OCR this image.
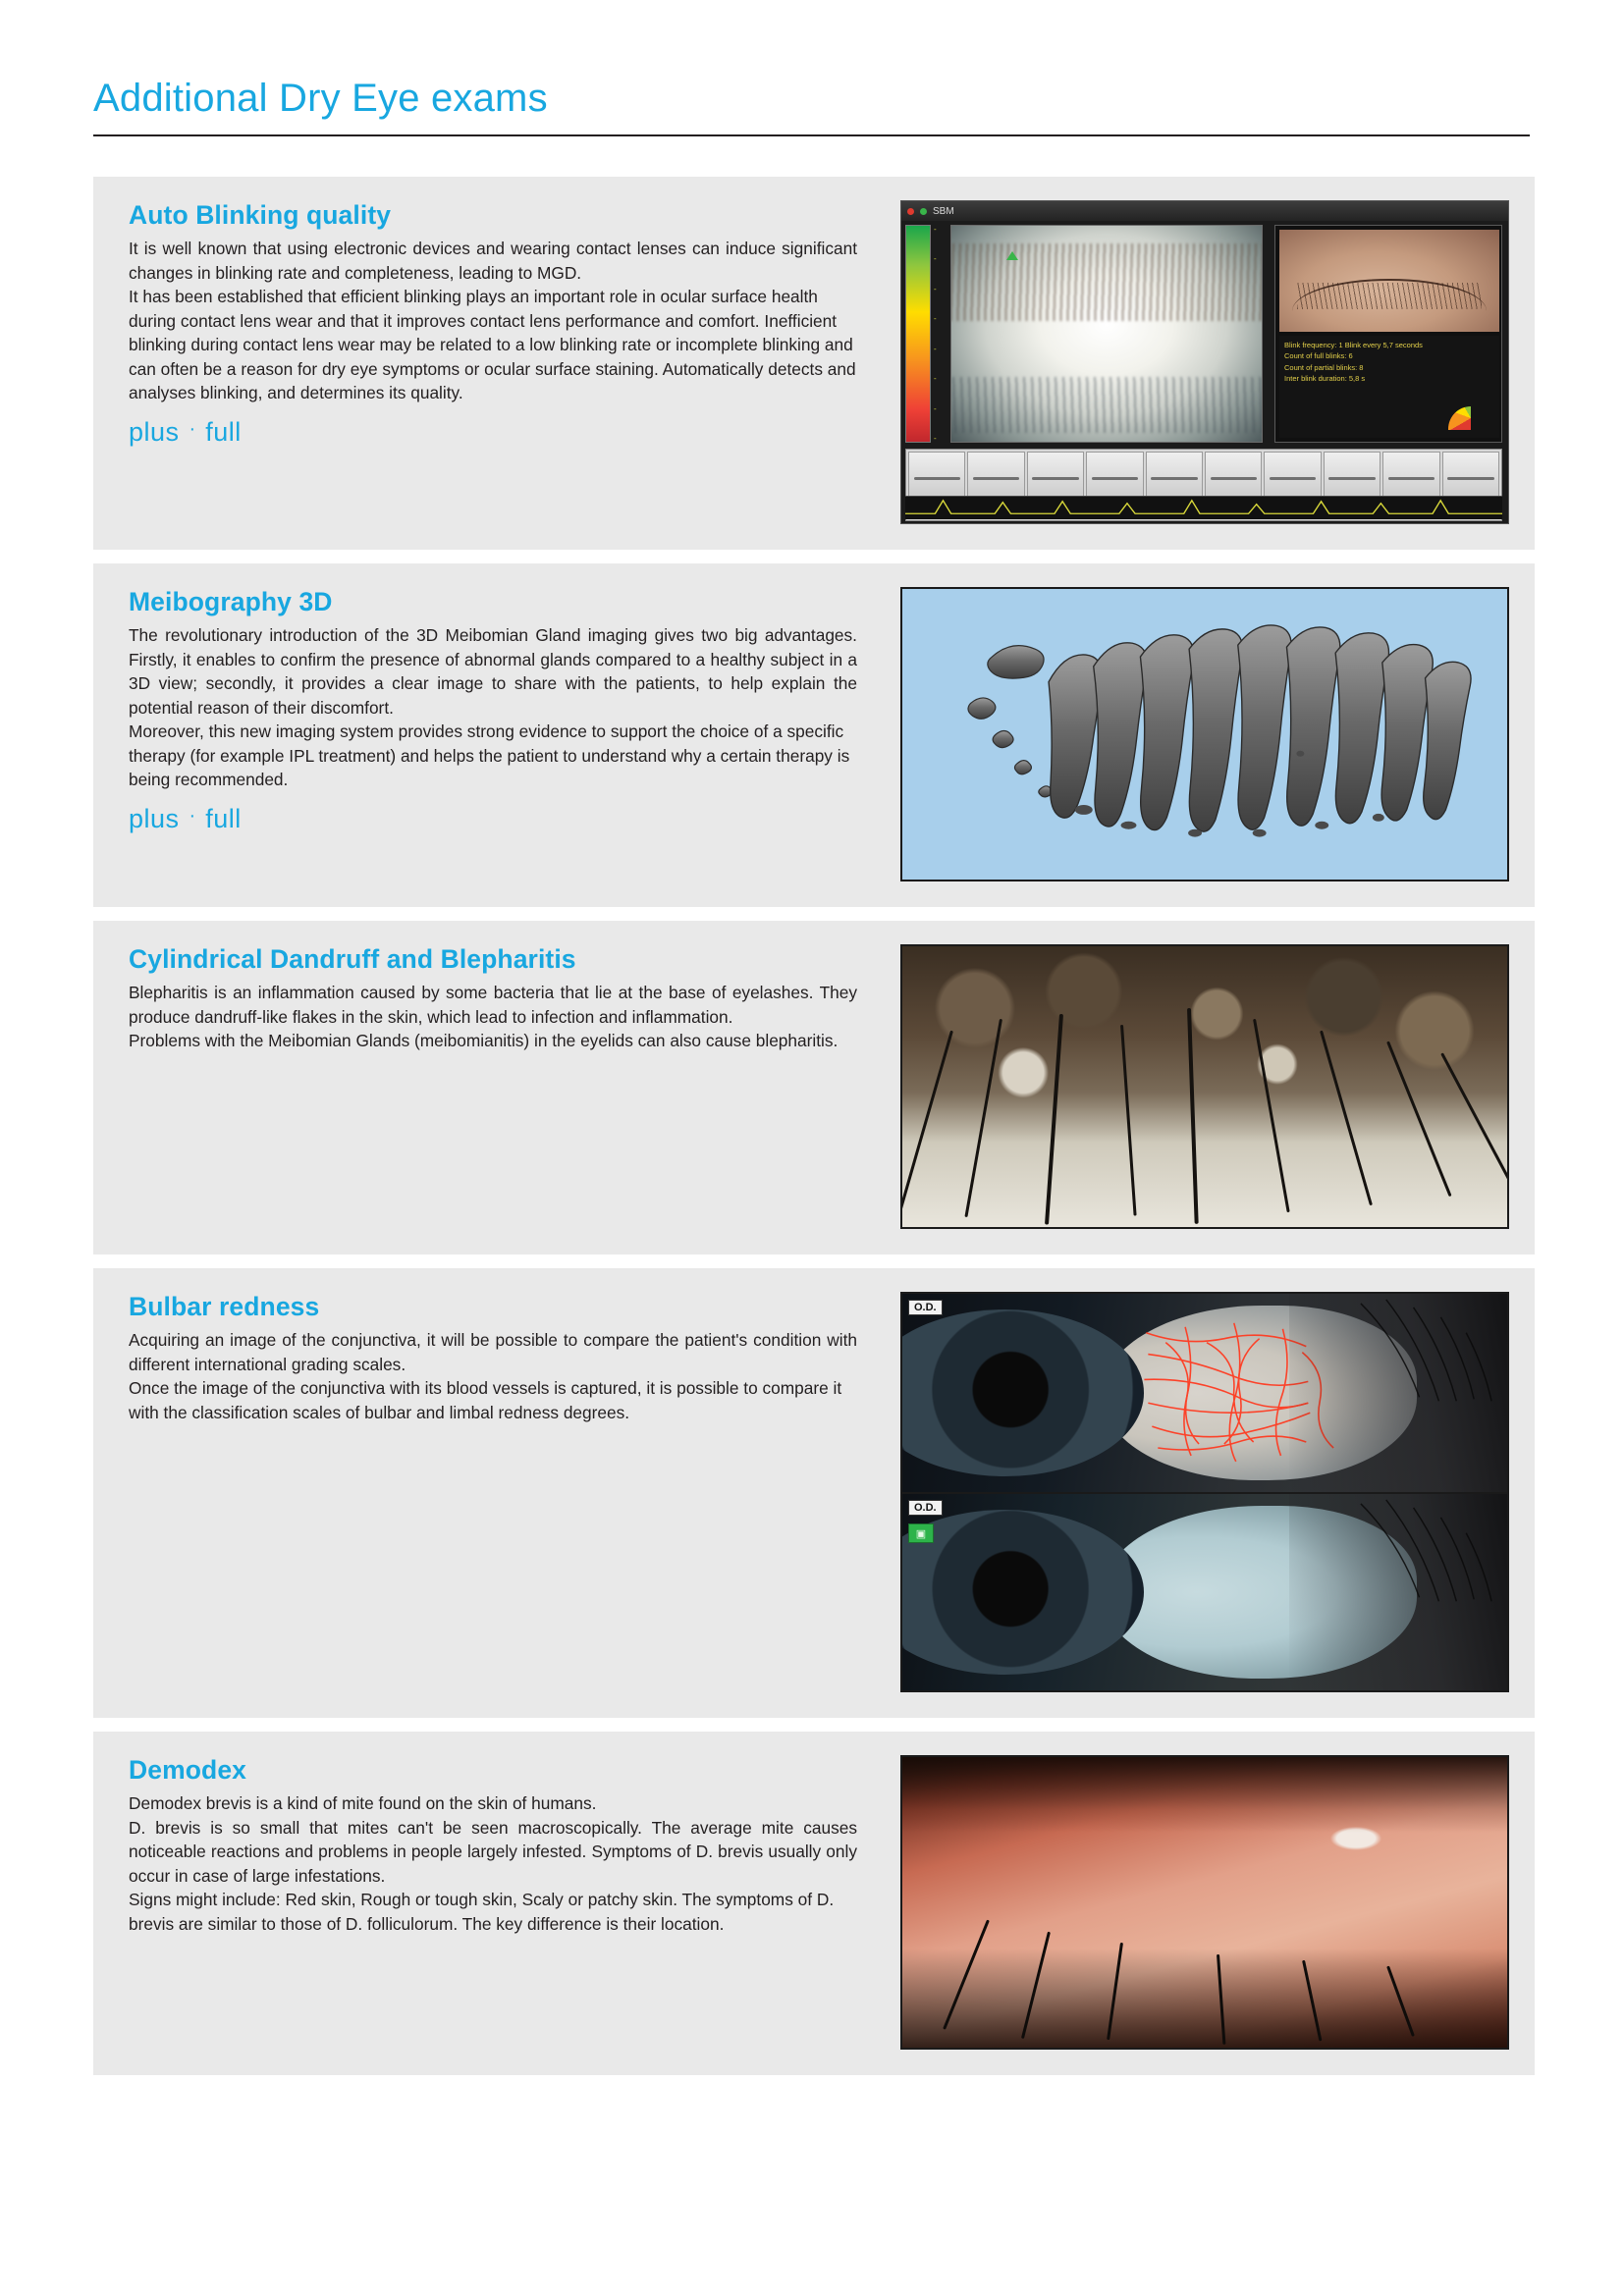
Additional Dry Eye exams
Auto Blinking quality

It is well known that using electronic devices and wearing contact lenses can induce significant changes in blinking rate and completeness, leading to MGD.

It has been established that efficient blinking plays an important role in ocular surface health during contact lens wear and that it improves contact lens performance and comfort. Inefficient blinking during contact lens wear may be related to a low blinking rate or incomplete blinking and can often be a reason for dry eye symptoms or ocular surface staining. Automatically detects and analyses blinking, and determines its quality.

plus · full
SBM
-
-
-
-
-
-
-
-
Blink frequency: 1 Blink every 5,7 seconds
Count of full blinks: 6
Count of partial blinks: 8
Inter blink duration: 5,8 s
Meibography 3D

The revolutionary introduction of the 3D Meibomian Gland imaging gives two big advantages. Firstly, it enables to confirm the presence of abnormal glands compared to a healthy subject in a 3D view; secondly, it provides a clear image to share with the patients, to help explain the potential reason of their discomfort.

Moreover, this new imaging system provides strong evidence to support the choice of a specific therapy (for example IPL treatment) and helps the patient to understand why a certain therapy is being recommended.

plus · full
Cylindrical Dandruff and Blepharitis

Blepharitis is an inflammation caused by some bacteria that lie at the base of eyelashes. They produce dandruff-like flakes in the skin, which lead to infection and inflammation.

Problems with the Meibomian Glands (meibomianitis) in the eyelids can also cause blepharitis.

Bulbar redness

Acquiring an image of the conjunctiva, it will be possible to compare the patient's condition with different international grading scales.

Once the image of the conjunctiva with its blood vessels is captured, it is possible to compare it with the classification scales of bulbar and limbal redness degrees.

O.D.
O.D.
▣
Demodex

Demodex brevis is a kind of mite found on the skin of humans.

D. brevis is so small that mites can't be seen macroscopically. The average mite causes noticeable reactions and problems in people largely infested. Symptoms of D. brevis usually only occur in case of large infestations.

Signs might include: Red skin, Rough or tough skin, Scaly or patchy skin. The symptoms of D. brevis are similar to those of D. folliculorum. The key difference is their location.
